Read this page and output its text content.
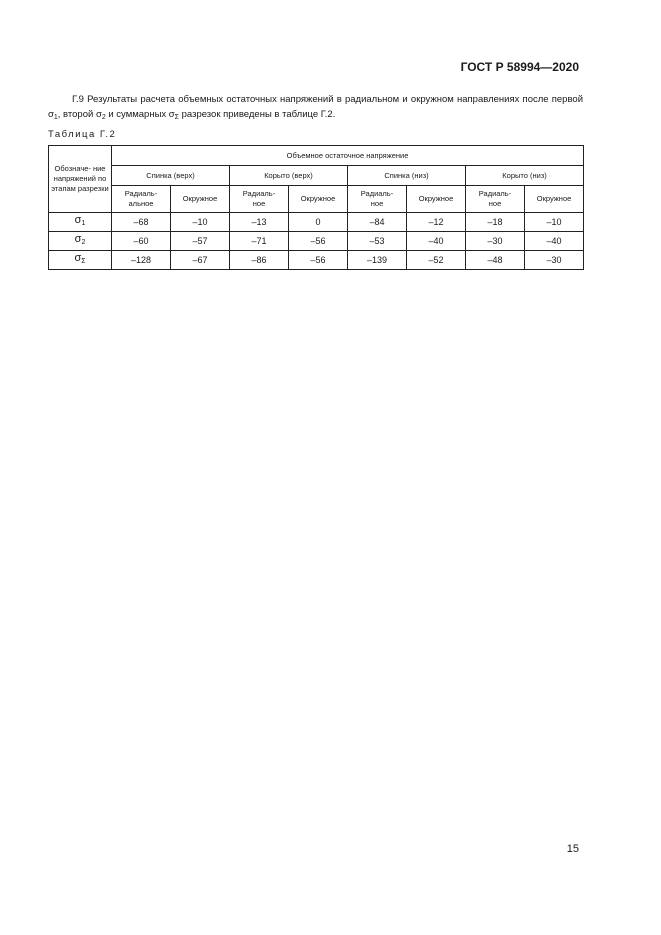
ГОСТ Р 58994—2020
Г.9 Результаты расчета объемных остаточных напряжений в радиальном и окружном направлениях после первой $\sigma_1$, второй $\sigma_2$ и суммарных $\sigma_\Sigma$ разрезок приведены в таблице Г.2.
Таблица Г.2
Обозначе- ние напряжений по этапам разрезки	Объемное остаточное напряжение							
	Спинка (верх)		Корыто (верх)		Спинка (низ)		Корыто (низ)	
	Радиаль- альное	Окружное	Радиаль- ное	Окружное	Радиаль- ное	Окружное	Радиаль- ное	Окружное
$\sigma_1$	–68	–10	–13	0	–84	–12	–18	–10
$\sigma_2$	–60	–57	–71	–56	–53	–40	–30	–40
$\sigma_\Sigma$	–128	–67	–86	–56	–139	–52	–48	–30
15
